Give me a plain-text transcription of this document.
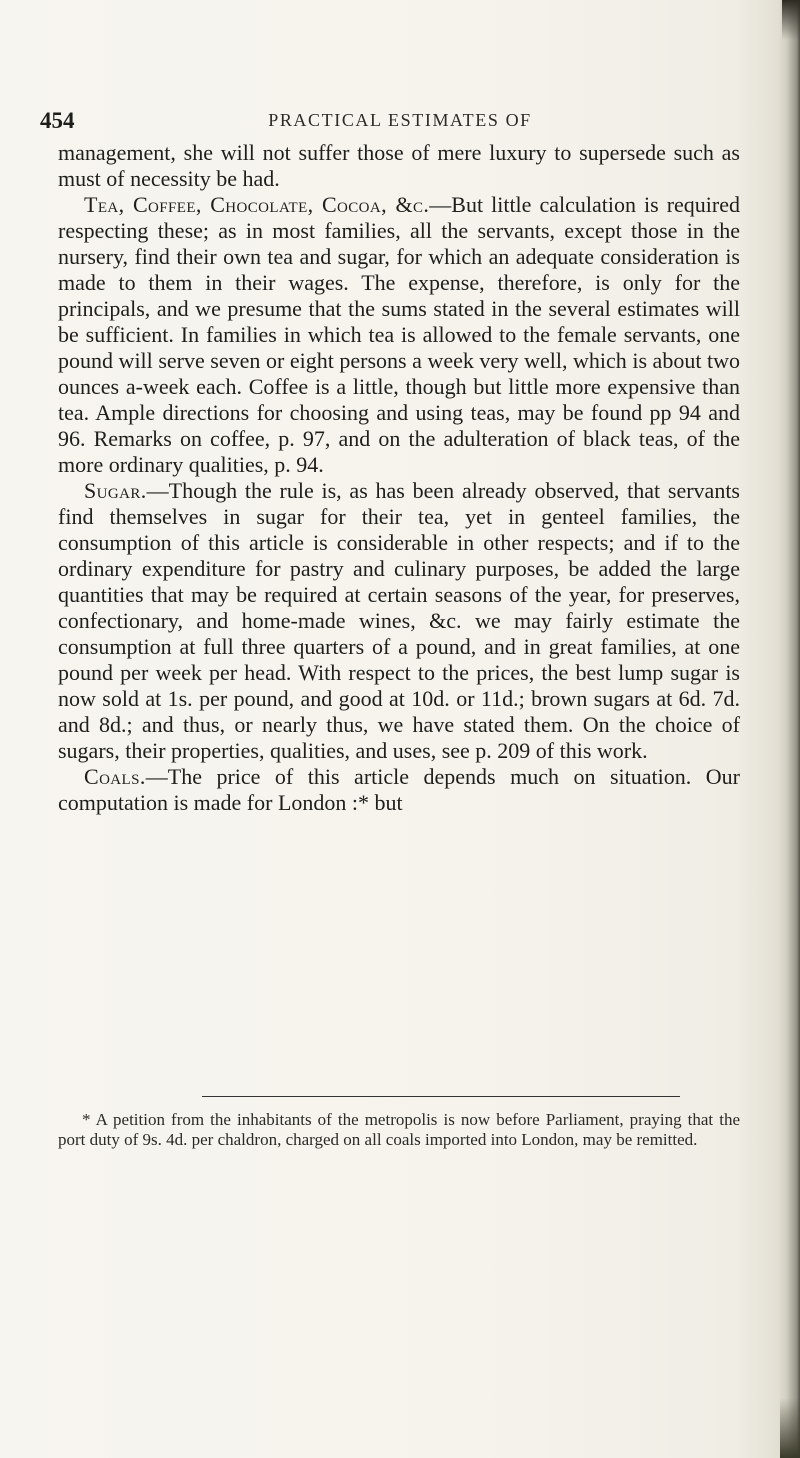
454	PRACTICAL ESTIMATES OF

management, she will not suffer those of mere luxury to supersede such as must of necessity be had.

Tea, Coffee, Chocolate, Cocoa, &c.—But little calculation is required respecting these; as in most families, all the servants, except those in the nursery, find their own tea and sugar, for which an adequate consideration is made to them in their wages. The expense, therefore, is only for the principals, and we presume that the sums stated in the several estimates will be sufficient. In families in which tea is allowed to the female servants, one pound will serve seven or eight persons a week very well, which is about two ounces a-week each. Coffee is a little, though but little more expensive than tea. Ample directions for choosing and using teas, may be found pp 94 and 96. Remarks on coffee, p. 97, and on the adulteration of black teas, of the more ordinary qualities, p. 94.

Sugar.—Though the rule is, as has been already observed, that servants find themselves in sugar for their tea, yet in genteel families, the consumption of this article is considerable in other respects; and if to the ordinary expenditure for pastry and culinary purposes, be added the large quantities that may be required at certain seasons of the year, for preserves, confectionary, and home-made wines, &c. we may fairly estimate the consumption at full three quarters of a pound, and in great families, at one pound per week per head. With respect to the prices, the best lump sugar is now sold at 1s. per pound, and good at 10d. or 11d.; brown sugars at 6d. 7d. and 8d.; and thus, or nearly thus, we have stated them. On the choice of sugars, their properties, qualities, and uses, see p. 209 of this work.

Coals.—The price of this article depends much on situation. Our computation is made for London :* but

* A petition from the inhabitants of the metropolis is now before Parliament, praying that the port duty of 9s. 4d. per chaldron, charged on all coals imported into London, may be remitted.
